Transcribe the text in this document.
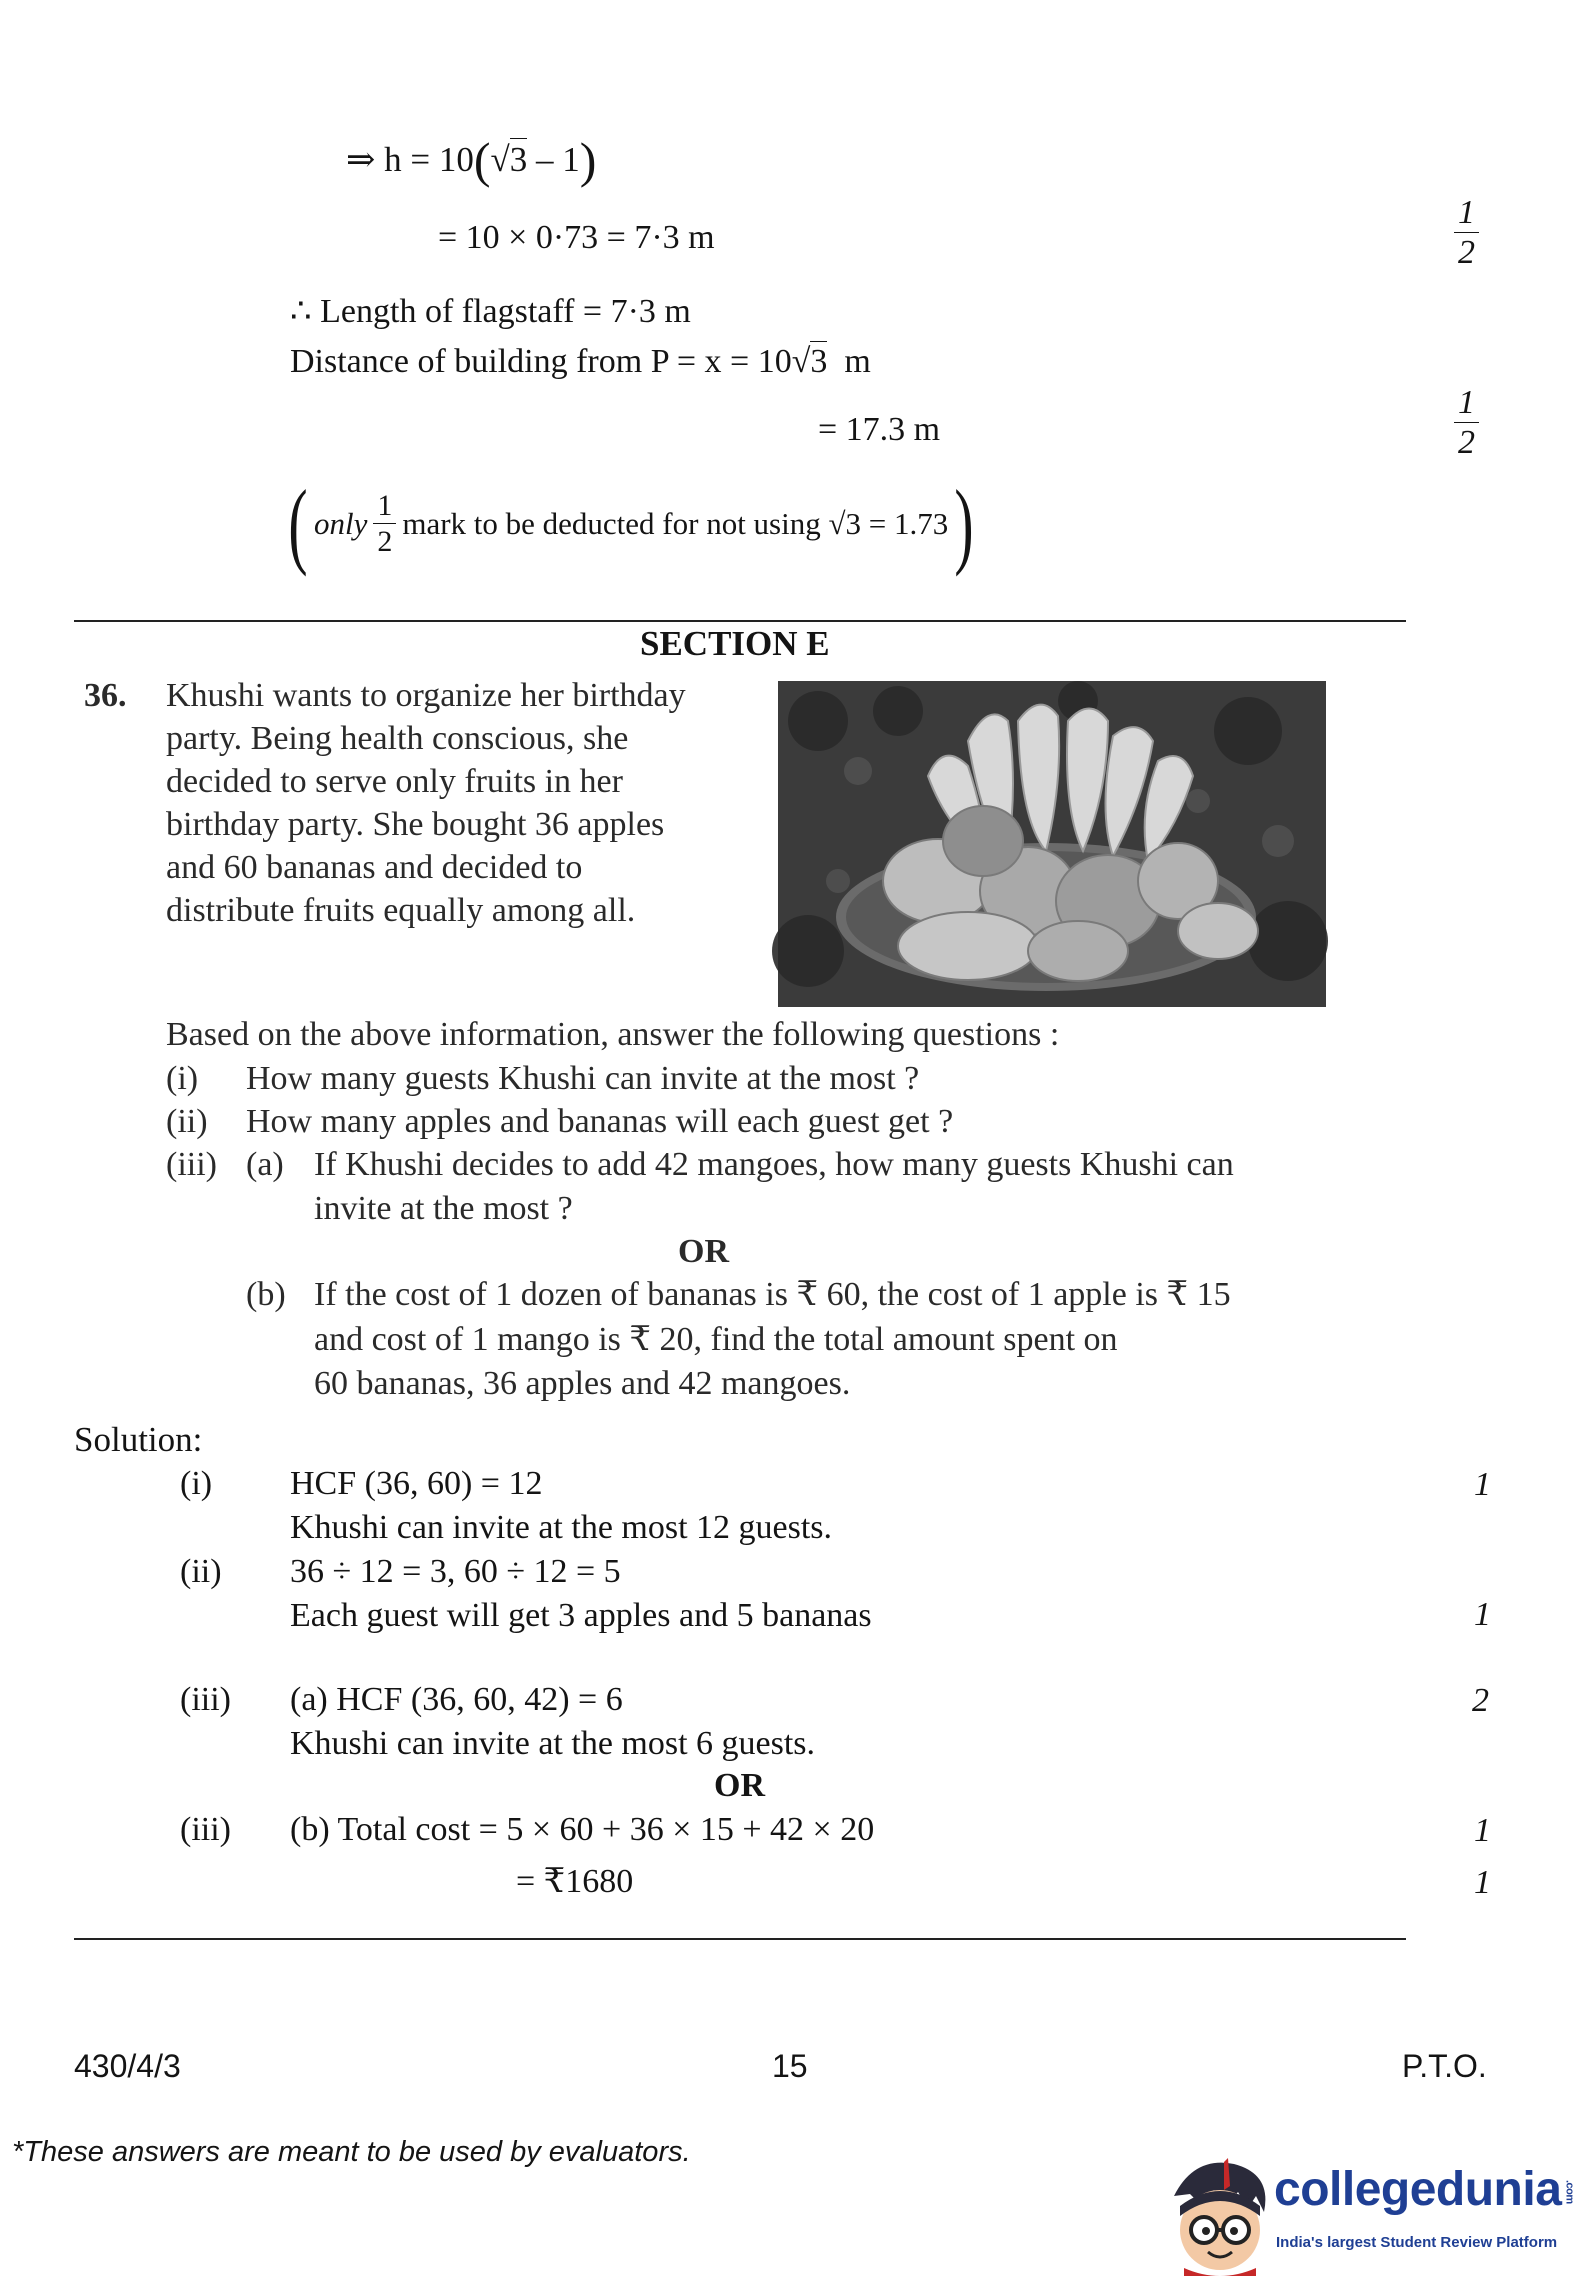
⇒ h = 10(√3 – 1)
= 10 × 0·73 = 7·3 m
∴ Length of flagstaff = 7·3 m
Distance of building from P = x = 10√3  m
= 17.3 m
( only $\frac{1}{2}$ mark to be deducted for not using √3 = 1.73 )
$\frac{1}{2}$
$\frac{1}{2}$
SECTION E
36. Khushi wants to organize her birthday
party. Being health conscious, she
decided to serve only fruits in her
birthday party. She bought 36 apples
and 60 bananas and decided to
distribute fruits equally among all.
Based on the above information, answer the following questions :
(i) How many guests Khushi can invite at the most ?
(ii) How many apples and bananas will each guest get ?
(iii) (a) If Khushi decides to add 42 mangoes, how many guests Khushi can
invite at the most ?
OR
(b) If the cost of 1 dozen of bananas is ₹ 60, the cost of 1 apple is ₹ 15
and cost of 1 mango is ₹ 20, find the total amount spent on
60 bananas, 36 apples and 42 mangoes.
Solution:
(i) HCF (36, 60) = 12
Khushi can invite at the most 12 guests.
(ii) 36 ÷ 12 = 3, 60 ÷ 12 = 5
Each guest will get 3 apples and 5 bananas
(iii) (a) HCF (36, 60, 42) = 6
Khushi can invite at the most 6 guests.
OR
(iii) (b) Total cost = 5 × 60 + 36 × 15 + 42 × 20
= ₹1680
1
1
2
1
1
430/4/3	15	P.T.O.
*These answers are meant to be used by evaluators.
collegedunia .com
India's largest Student Review Platform
